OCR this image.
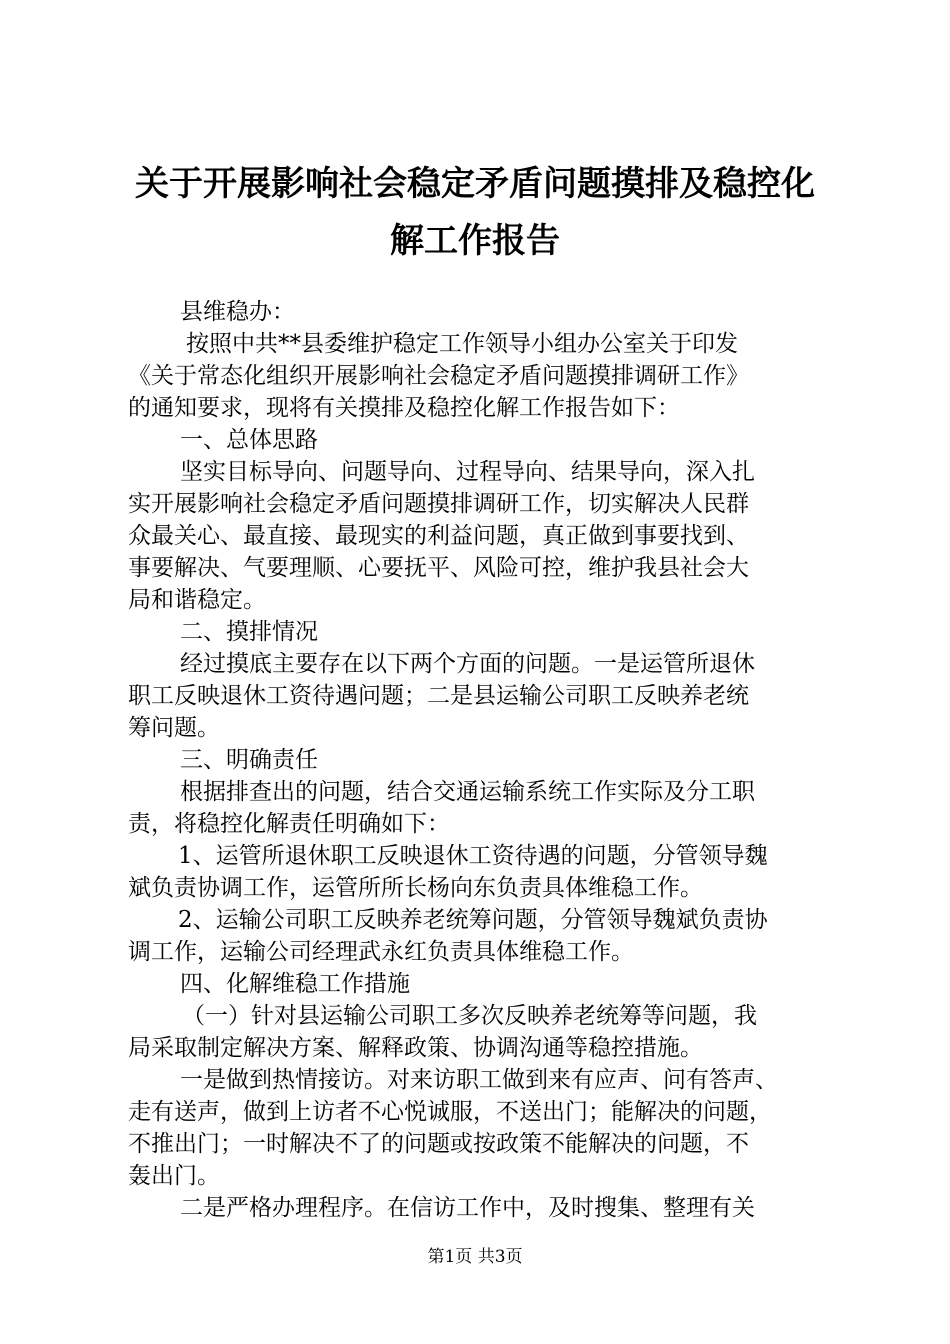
关于开展影响社会稳定矛盾问题摸排及稳控化
解工作报告
县维稳办：
按照中共**县委维护稳定工作领导小组办公室关于印发
《关于常态化组织开展影响社会稳定矛盾问题摸排调研工作》
的通知要求，现将有关摸排及稳控化解工作报告如下：
一、总体思路
坚实目标导向、问题导向、过程导向、结果导向，深入扎
实开展影响社会稳定矛盾问题摸排调研工作，切实解决人民群
众最关心、最直接、最现实的利益问题，真正做到事要找到、
事要解决、气要理顺、心要抚平、风险可控，维护我县社会大
局和谐稳定。
二、摸排情况
经过摸底主要存在以下两个方面的问题。一是运管所退休
职工反映退休工资待遇问题；二是县运输公司职工反映养老统
筹问题。
三、明确责任
根据排查出的问题，结合交通运输系统工作实际及分工职
责，将稳控化解责任明确如下：
1、运管所退休职工反映退休工资待遇的问题，分管领导魏
斌负责协调工作，运管所所长杨向东负责具体维稳工作。
2、运输公司职工反映养老统筹问题，分管领导魏斌负责协
调工作，运输公司经理武永红负责具体维稳工作。
四、化解维稳工作措施
（一）针对县运输公司职工多次反映养老统筹等问题，我
局采取制定解决方案、解释政策、协调沟通等稳控措施。
一是做到热情接访。对来访职工做到来有应声、问有答声、
走有送声，做到上访者不心悦诚服，不送出门；能解决的问题，
不推出门；一时解决不了的问题或按政策不能解决的问题，不
轰出门。
二是严格办理程序。在信访工作中，及时搜集、整理有关
第1页 共3页
